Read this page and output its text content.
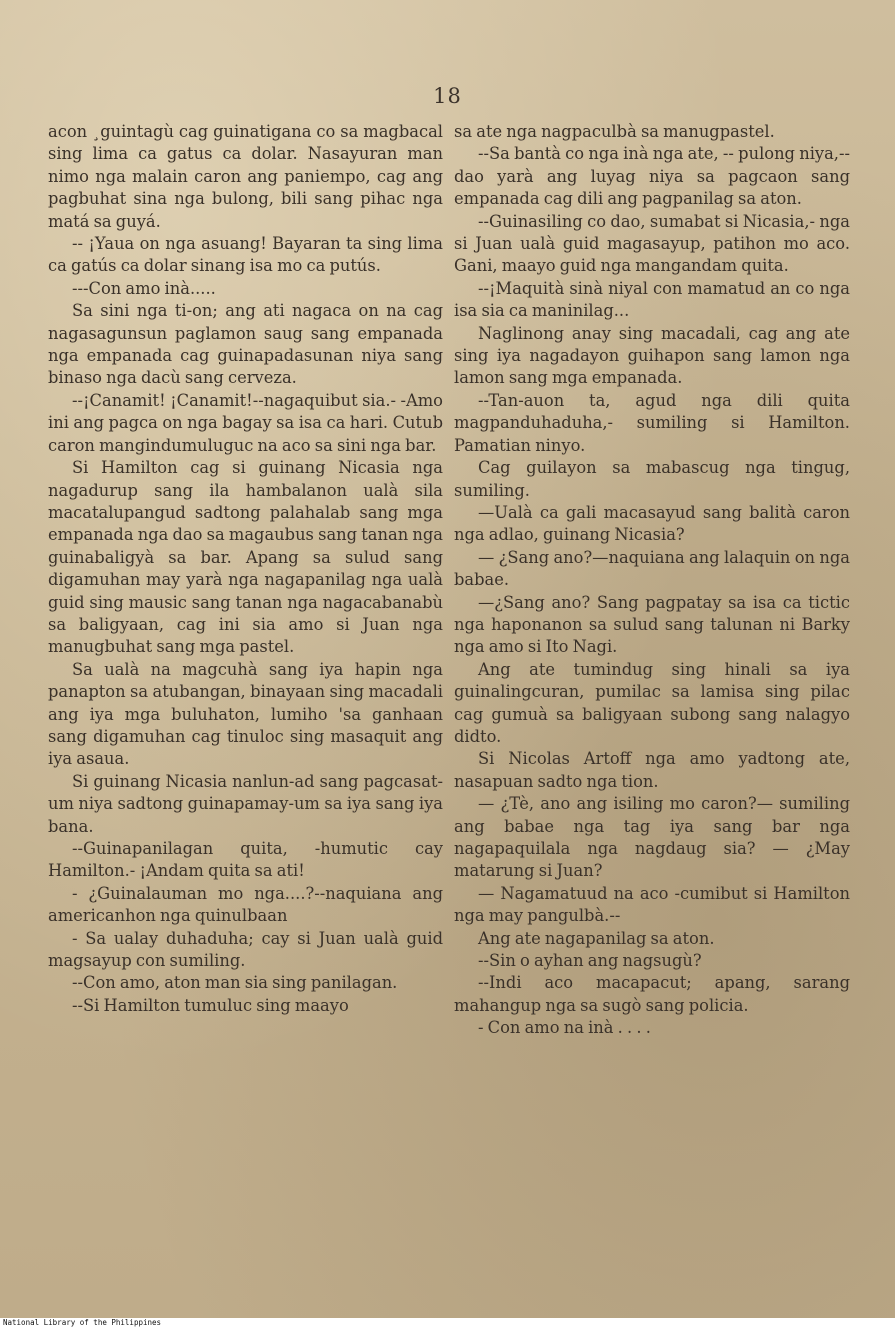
18

acon ¸guintagù cag guinatigana co sa magbacal sing lima ca gatus ca dolar. Nasayuran man nimo nga malain caron ang paniempo, cag ang pagbuhat sina nga bulong, bili sang pihac nga matá sa guyá.

-- ¡Yaua on nga asuang! Bayaran ta sing lima ca gatús ca dolar sinang isa mo ca putús.

---Con amo inà.....

Sa sini nga ti-on; ang ati nagaca on na cag nagasagunsun paglamon saug sang empanada nga empanada cag guinapadasunan niya sang binaso nga dacù sang cerveza.

--¡Canamit! ¡Canamit!--nagaquibut sia.- -Amo ini ang pagca on nga bagay sa isa ca hari. Cutub caron mangindumuluguc na aco sa sini nga bar.

Si Hamilton cag si guinang Nicasia nga nagadurup sang ila hambalanon ualà sila macatalupangud sadtong palahalab sang mga empanada nga dao sa magaubus sang tanan nga guinabaligyà sa bar. Apang sa sulud sang digamuhan may yarà nga nagapanilag nga ualà guid sing mausic sang tanan nga nagacabanabù sa baligyaan, cag ini sia amo si Juan nga manugbuhat sang mga pastel.

Sa ualà na magcuhà sang iya hapin nga panapton sa atubangan, binayaan sing macadali ang iya mga buluhaton, lumiho 'sa ganhaan sang digamuhan cag tinuloc sing masaquit ang iya asaua.

Si guinang Nicasia nanlun-ad sang pagcasat-um niya sadtong guinapamay-um sa iya sang iya bana.

--Guinapanilagan quita, -humutic cay Hamilton.- ¡Andam quita sa ati!

- ¿Guinalauman mo nga....?--naquiana ang americanhon nga quinulbaan

- Sa ualay duhaduha; cay si Juan ualà guid magsayup con sumiling.

--Con amo, aton man sia sing panilagan.

--Si Hamilton tumuluc sing maayo

sa ate nga nagpaculbà sa manugpastel.

--Sa bantà co nga inà nga ate, -- pulong niya,--dao yarà ang luyag niya sa pagcaon sang empanada cag dili ang pagpanilag sa aton.

--Guinasiling co dao, sumabat si Nicasia,- nga si Juan ualà guid magasayup, patihon mo aco. Gani, maayo guid nga mangandam quita.

--¡Maquità sinà niyal con mamatud an co nga isa sia ca maninilag...

Naglinong anay sing macadali, cag ang ate sing iya nagadayon guihapon sang lamon nga lamon sang mga empanada.

--Tan-auon ta, agud nga dili quita magpanduhaduha,- sumiling si Hamilton. Pamatian ninyo.

Cag guilayon sa mabascug nga tingug, sumiling.

—Ualà ca gali macasayud sang balità caron nga adlao, guinang Nicasia?

— ¿Sang ano?—naquiana ang lalaquin on nga babae.

—¿Sang ano? Sang pagpatay sa isa ca tictic nga haponanon sa sulud sang talunan ni Barky nga amo si Ito Nagi.

Ang ate tumindug sing hinali sa iya guinalingcuran, pumilac sa lamisa sing pilac cag gumuà sa baligyaan subong sang nalagyo didto.

Si Nicolas Artoff nga amo yadtong ate, nasapuan sadto nga tion.

— ¿Tè, ano ang isiling mo caron?— sumiling ang babae nga tag iya sang bar nga nagapaquilala nga nagdaug sia? — ¿May matarung si Juan?

— Nagamatuud na aco -cumibut si Hamilton nga may pangulbà.--

Ang ate nagapanilag sa aton.

--Sin o ayhan ang nagsugù?

--Indi aco macapacut; apang, sarang mahangup nga sa sugò sang policia.

- Con amo na inà . . . .

National Library of the Philippines
